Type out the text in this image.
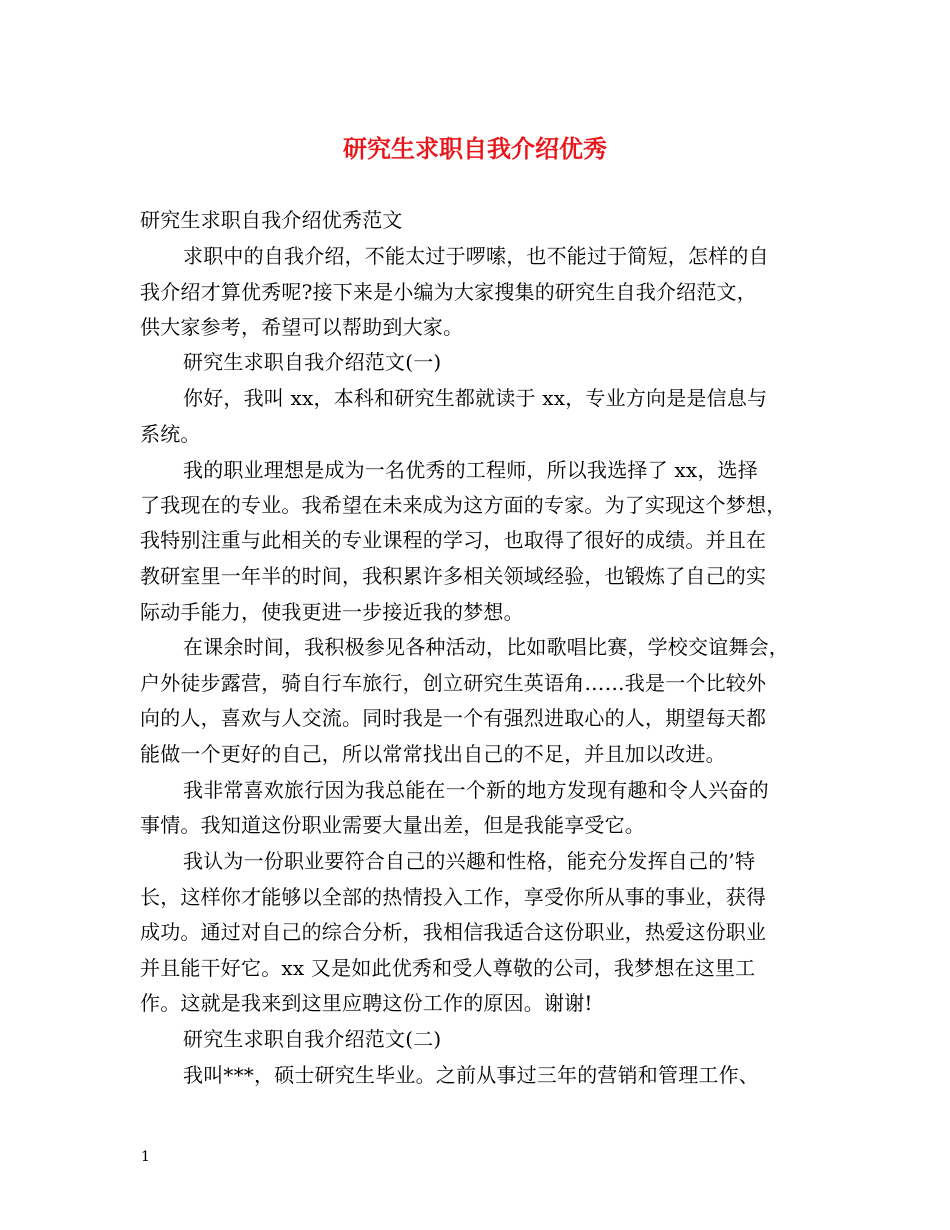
研究生求职自我介绍优秀
研究生求职自我介绍优秀范文
求职中的自我介绍，不能太过于啰嗦，也不能过于简短，怎样的自
我介绍才算优秀呢?接下来是小编为大家搜集的研究生自我介绍范文，
供大家参考，希望可以帮助到大家。
研究生求职自我介绍范文(一)
你好，我叫 xx，本科和研究生都就读于 xx，专业方向是是信息与
系统。
我的职业理想是成为一名优秀的工程师，所以我选择了 xx，选择
了我现在的专业。我希望在未来成为这方面的专家。为了实现这个梦想，
我特别注重与此相关的专业课程的学习，也取得了很好的成绩。并且在
教研室里一年半的时间，我积累许多相关领域经验，也锻炼了自己的实
际动手能力，使我更进一步接近我的梦想。
在课余时间，我积极参见各种活动，比如歌唱比赛，学校交谊舞会，
户外徒步露营，骑自行车旅行，创立研究生英语角……我是一个比较外
向的人，喜欢与人交流。同时我是一个有强烈进取心的人，期望每天都
能做一个更好的自己，所以常常找出自己的不足，并且加以改进。
我非常喜欢旅行因为我总能在一个新的地方发现有趣和令人兴奋的
事情。我知道这份职业需要大量出差，但是我能享受它。
我认为一份职业要符合自己的兴趣和性格，能充分发挥自己的’特
长，这样你才能够以全部的热情投入工作，享受你所从事的事业，获得
成功。通过对自己的综合分析，我相信我适合这份职业，热爱这份职业
并且能干好它。xx 又是如此优秀和受人尊敬的公司，我梦想在这里工
作。这就是我来到这里应聘这份工作的原因。谢谢!
研究生求职自我介绍范文(二)
我叫***，硕士研究生毕业。之前从事过三年的营销和管理工作、
1
